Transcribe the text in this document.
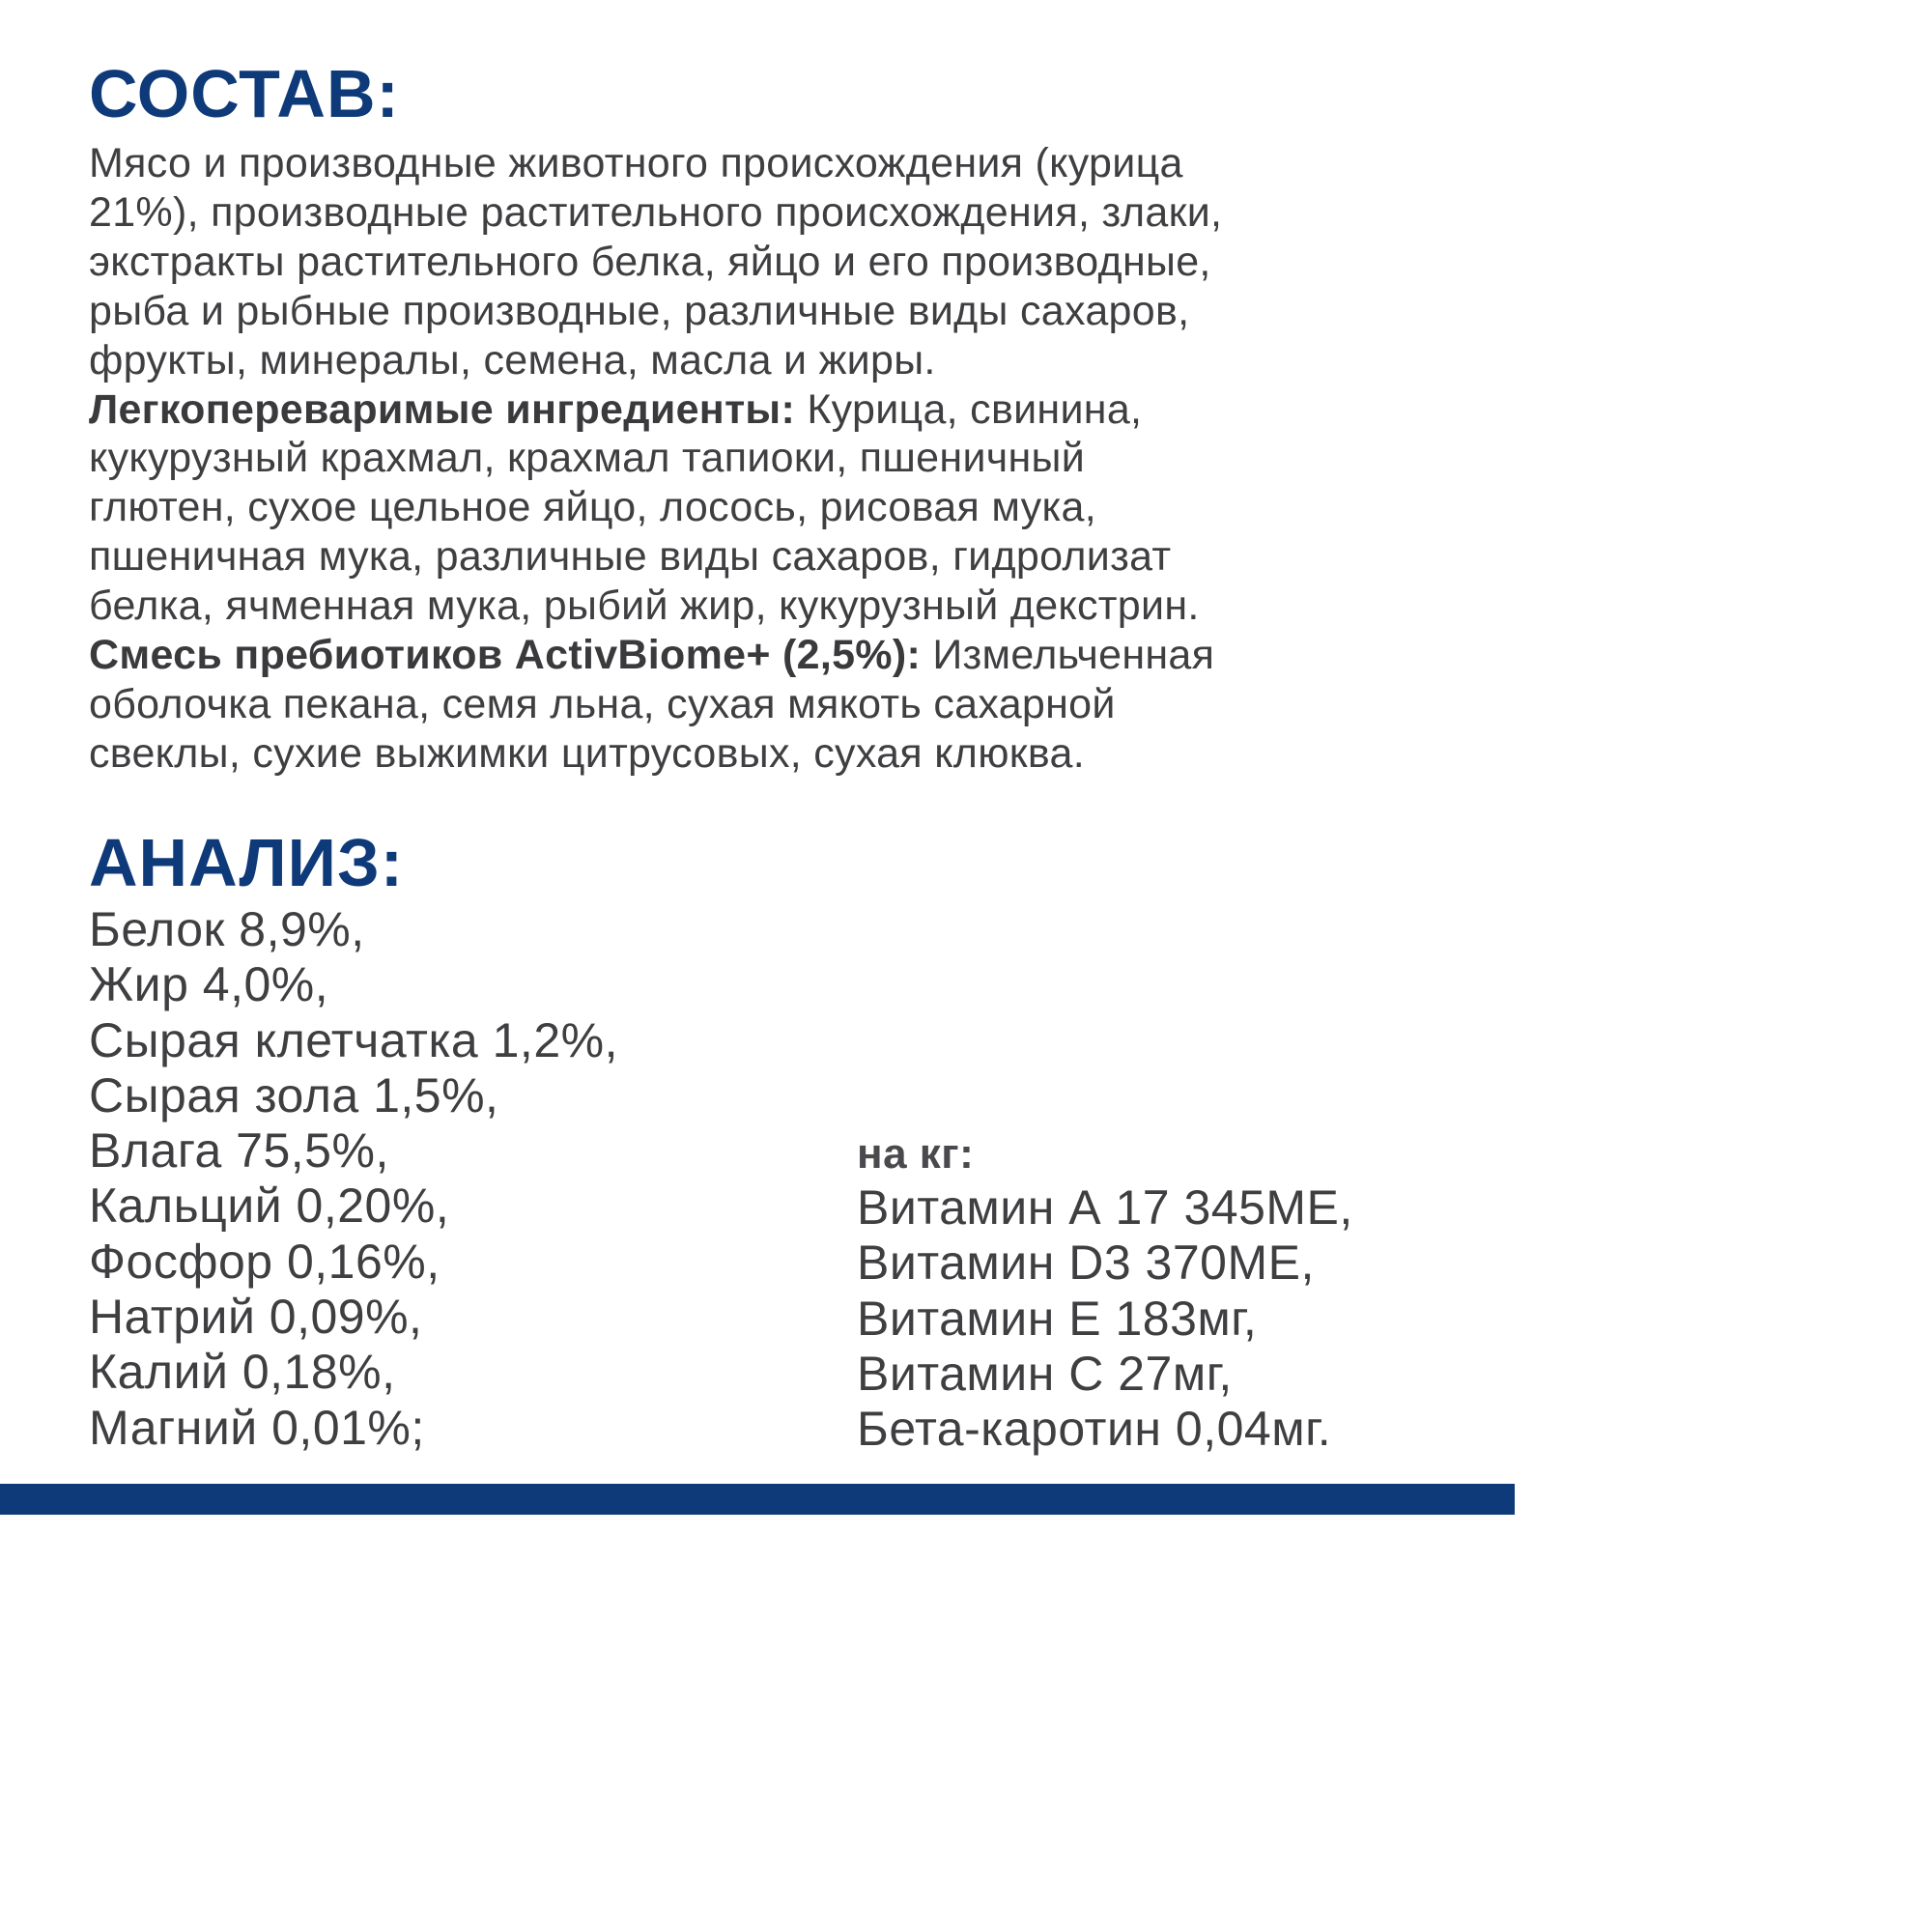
СОСТАВ:
Мясо и производные животного происхождения (курица
21%), производные растительного происхождения, злаки,
экстракты растительного белка, яйцо и его производные,
рыба и рыбные производные, различные виды сахаров,
фрукты, минералы, семена, масла и жиры.
Легкопереваримые ингредиенты: Курица, свинина,
кукурузный крахмал, крахмал тапиоки, пшеничный
глютен, сухое цельное яйцо, лосось, рисовая мука,
пшеничная мука, различные виды сахаров, гидролизат
белка, ячменная мука, рыбий жир, кукурузный декстрин.
Смесь пребиотиков ActivBiome+ (2,5%): Измельченная
оболочка пекана, семя льна, сухая мякоть сахарной
свеклы, сухие выжимки цитрусовых, сухая клюква.
АНАЛИЗ:
Белок 8,9%,
Жир 4,0%,
Сырая клетчатка 1,2%,
Сырая зола 1,5%,
Влага 75,5%,
Кальций 0,20%,
Фосфор 0,16%,
Натрий 0,09%,
Калий 0,18%,
Магний 0,01%;
на кг:
Витамин А 17 345МЕ,
Витамин D3 370МЕ,
Витамин Е 183мг,
Витамин С 27мг,
Бета-каротин 0,04мг.
